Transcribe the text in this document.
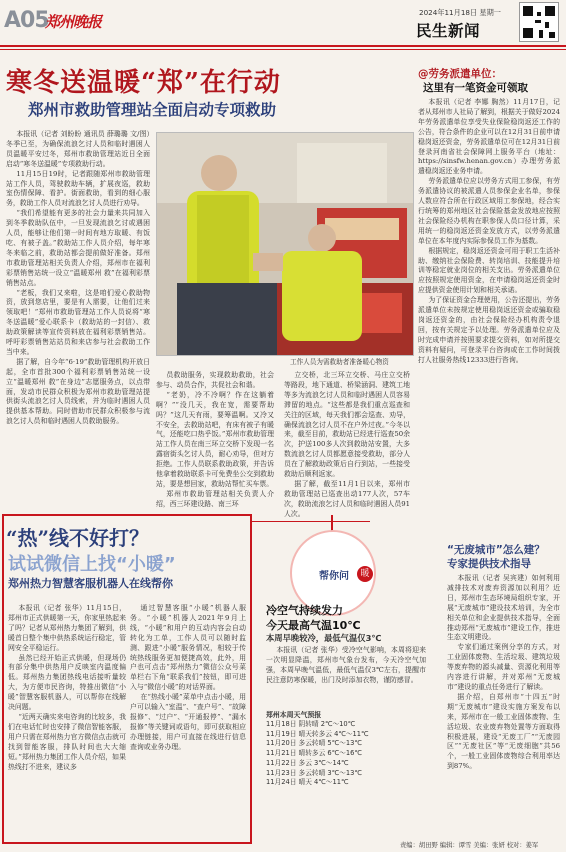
A05
郑州晚报
2024年11月18日 星期一
民生新闻
寒冬送温暖“郑”在行动
郑州市救助管理站全面启动专项救助

本报讯（记者 刘盼盼 通讯员 薛璐璐 文/图）冬季已至，为确保流浪乞讨人员和临时遇困人员温暖平安过冬，郑州市救助管理站近日全面启动“寒冬送温暖”专项救助行动。

11月15日19时，记者跟随郑州市救助管理站工作人员，驾驶救助车辆，扩展夜巡，救助室伤情保障、看护。街面救助，看到的细心服务，救助工作人员对流浪乞讨人员进行劝导。

“我们希望能有更多的社会力量来共同加入到冬季救助队伍中，一旦发现流浪乞讨或遇困人员，能够让他们第一时间有地方取暖、有饭吃、有被子盖。”救助站工作人员介绍，每年寒冬来临之前，救助站都会提前做好准备。郑州市救助管理站相关负责人介绍，郑州市在福利彩票销售站统一设立“温暖郑州 救”在福利彩票销售站点。

“老板，我们又来啦，这是咱们爱心救助物资，放到您店里，要是有人需要，让他们过来领取吧！”郑州市救助管理站工作人员说将“寒冬送温暖”爱心联系卡（救助站的一封信）、救助政策解读等宣传资料放在福利彩票销售站。呼吁彩票销售站站员和来店参与社会救助工作当中来。

据了解，自今年“6·19”救助管理机构开放日起，全市首批300个福利彩票销售站统一设立“温暖郑州 救”在身边”志愿服务点，以点带面，发动市民群众积极为郑州市救助管理站提供街头流浪乞讨人员线索，并为临时遇困人员提供基本帮助。同时借助市民群众积极参与流浪乞讨人员和临时遇困人员救助服务。

工作人员为需救助者准备暖心物资

员救助服务，实现救助救助，社会参与、动员合作，共促社会和谐。

“老奶，冷不冷啊？作在这躺着啊？”“没几天，我在宽，需要帮助吗？”这几天有雨，要筹温啊。又冷又不安全，去救助站吧，有床有被子有暖气，还能吃口热乎饭。”郑州市救助管理站工作人员在南三环立交桥下发现一名露宿街头乞讨人员，耐心劝导，但对方拒绝。工作人员联系救助政策，并告诉他拿着救助联系卡可免费坐公交到救助站，要是想回家，救助站帮忙买车票。

郑州市救助管理站相关负责人介绍，西三环建设路、南三环

立交桥，北三环立交桥、马庄立交桥等路段，地下通道、桥梁涵洞、建筑工地等多为流浪乞讨人员和临时遇困人员容易滞留的地点。“这些都是我们重点巡查和关注的区域，每天我们都会巡查、劝导，确保流浪乞讨人员不在户外过夜。”今冬以来，截至目前，救助站已经进行巡查50余次，护送100多人次到救助站安置，大多数流浪乞讨人员都愿意接受救助，部分人员在了解救助政策后自行到站，一些接受救助后顺利返家。

据了解，截至11月1日以来，郑州市救助管理站已巡查出动177人次，57车次，救助流浪乞讨人员和临时遇困人员91人次。

@劳务派遣单位：
这里有一笔资金可领取

本报讯（记者 李娜 胸然）11月17日，记者从郑州市人社局了解到，根据关于做好2024年劳务派遣单位享受失业保险稳岗返还工作的公告，符合条件的企业可以在12月31日前申请稳岗返还资金，劳务派遣单位可在12月31日前登录河南省社会保障网上服务平台（地址：https://sinsfw.henan.gov.cn）办理劳务派遣稳岗返还业务申请。

劳务派遣单位应以劳务方式用工参保，有劳务派遣协议的被派遣人员参保企业名单，参保人数应符合所在行政区域用工参保地，经合实行统筹的郑州地区社会保险基金发放地应按照社会保险经办机构在职参保人员口径计算，采用统一的稳岗返还资金发放方式，以劳务派遣单位在本年度内实际参保员工作为基数。

根据规定，稳岗返还资金可用于职工生活补助、缴纳社会保险费、转岗培训、技能提升培训等稳定就业岗位的相关支出。劳务派遣单位应按照规定使用资金，在申请稳岗返还资金时应提供资金使用计划和相关承诺。

为了保证资金合理使用，公告还提出，劳务派遣单位未按规定使用稳岗返还资金或骗取稳岗返还资金的，由社会保险经办机构责令退回，按有关规定予以处理。劳务派遣单位应及时完成申请并按照要求提交资料，如对所提交资料有疑问，可登录平台咨询或在工作时间拨打人社服务热线12333进行咨询。

“热”线不好打？
试试微信上找“小暖”
郑州热力智慧客服机器人在线帮你

本报讯（记者 张华）11月15日，郑州市正式供暖第一天，你家里热起来了吗？记者从郑州热力集团了解到，供暖首日整个集中供热系统运行稳定，管网安全平稳运行。

虽然已经开始正式供暖，但现场仍有部分集中供热用户反映室内温度偏低。郑州热力集团热线电话接听量较大，为方便市民咨询，特推出微信“小暖”智慧客服机器人，可以帮你在线解决问题。

“近两天确实来电咨询的比较多，我们在电话忙时也安排了微信智能客服，用户只需在郑州热力官方微信点击就可找到智能客服，排队时间也大大缩短。”郑州热力集团工作人员介绍，如果热线打不进来，建议多

通过智慧客服“小暖”机器人服务。“小暖”机器人2021年9月上线，“小暖”和用户的互动内容会自动转化为工单，工作人员可以随时监测、跟进“小暖”服务情况，相较于传统热线服务更加便捷高效，此外，用户也可点击“郑州热力”微信公众号菜单栏右下角“联系我们”按钮，即可进入与“微信小暖”的对话界面。

在“热线小暖”菜单中点击小暖，用户可以输入“室温”、“查户号”、“故障报修”、“过户”、“开通报停”、“漏水报修”等关键词或语句，即可获取相应办理链接，用户可直接在线进行信息查询或业务办理。

帮你问	暖
冷空气持续发力
今天最高气温10℃
本周早晚较冷，最低气温仅3℃

本报讯（记者 张华）受冷空气影响，本周将迎来一次明显降温，郑州市气象台发布，今天冷空气加强，本周早晚气温低，最低气温仅3℃左右，提醒市民注意防寒保暖，出门及时添加衣物，谨防感冒。

郑州本周天气预报
11月18日 阴转晴 2℃～10℃
11月19日 晴天转多云 4℃～11℃
11月20日 多云转晴 5℃～13℃
11月21日 晴转多云 6℃～16℃
11月22日 多云 3℃～14℃
11月23日 多云转晴 3℃～13℃
11月24日 晴天 4℃～11℃
“无废城市”怎么建？
专家提供技术指导

本报讯（记者 吴宾建）如何利用减排技术对废弃资源加以利用？近日，郑州市生态环境局组织专家，开展“无废城市”建设技术培训，为全市相关单位和企业提供技术指导，全面推动郑州“无废城市”建设工作，推进生态文明建设。

专家们通过案例分享的方式，对工业固体废物、生活垃圾、建筑垃圾等废弃物的源头减量、资源化利用等内容进行讲解，并对郑州“无废城市”建设的重点任务进行了解读。

据介绍，自郑州市“十四五”时期“无废城市”建设实施方案发布以来，郑州市在一般工业固体废物、生活垃圾、农业废弃物处置等方面取得积极进展，建设“无废工厂”“无废园区”“无废社区”等“无废细胞”共56个，一般工业固体废物综合利用率达到87%。

责编：胡田野 编辑：谭雪 美编：张妍 校对：姜军
